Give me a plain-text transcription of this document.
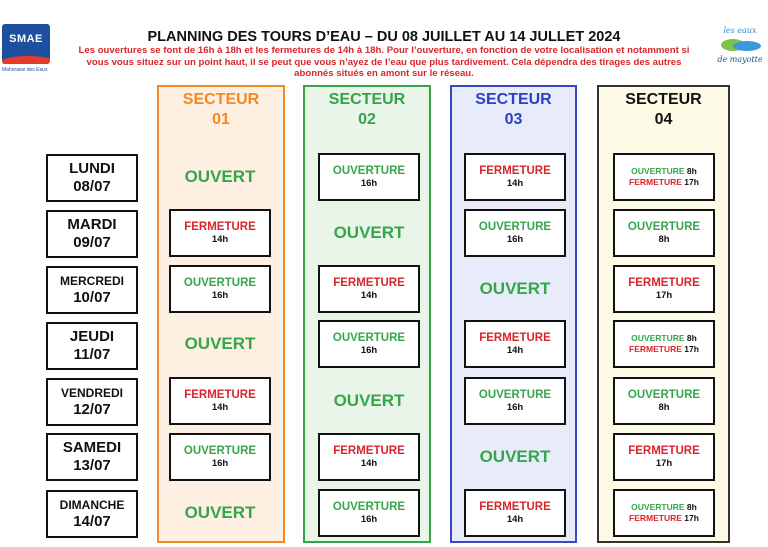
SMAE
Mahoraise des Eaux
les eaux
de mayotte
PLANNING DES TOURS D’EAU – DU 08 JUILLET AU 14 JULLET 2024
Les ouvertures se font de 16h à 18h et les fermetures de 14h à 18h. Pour l’ouverture, en fonction de votre localisation et notamment si vous vous situez sur un point haut, il se peut que vous n’ayez de l’eau que plus tardivement. Cela dépendra des tirages des autres abonnés situés en amont sur le réseau.
SECTEUR
01
SECTEUR
02
SECTEUR
03
SECTEUR
04
LUNDI
08/07
MARDI
09/07
MERCREDI
10/07
JEUDI
11/07
VENDREDI
12/07
SAMEDI
13/07
DIMANCHE
14/07
OUVERT
FERMETURE
14h
OUVERTURE
16h
OUVERT
FERMETURE
14h
OUVERTURE
16h
OUVERT
OUVERTURE
16h
OUVERT
FERMETURE
14h
OUVERTURE
16h
OUVERT
FERMETURE
14h
OUVERTURE
16h
FERMETURE
14h
OUVERTURE
16h
OUVERT
FERMETURE
14h
OUVERTURE
16h
OUVERT
FERMETURE
14h
OUVERTURE 8h
FERMETURE 17h
OUVERTURE
8h
FERMETURE
17h
OUVERTURE 8h
FERMETURE 17h
OUVERTURE
8h
FERMETURE
17h
OUVERTURE 8h
FERMETURE 17h
